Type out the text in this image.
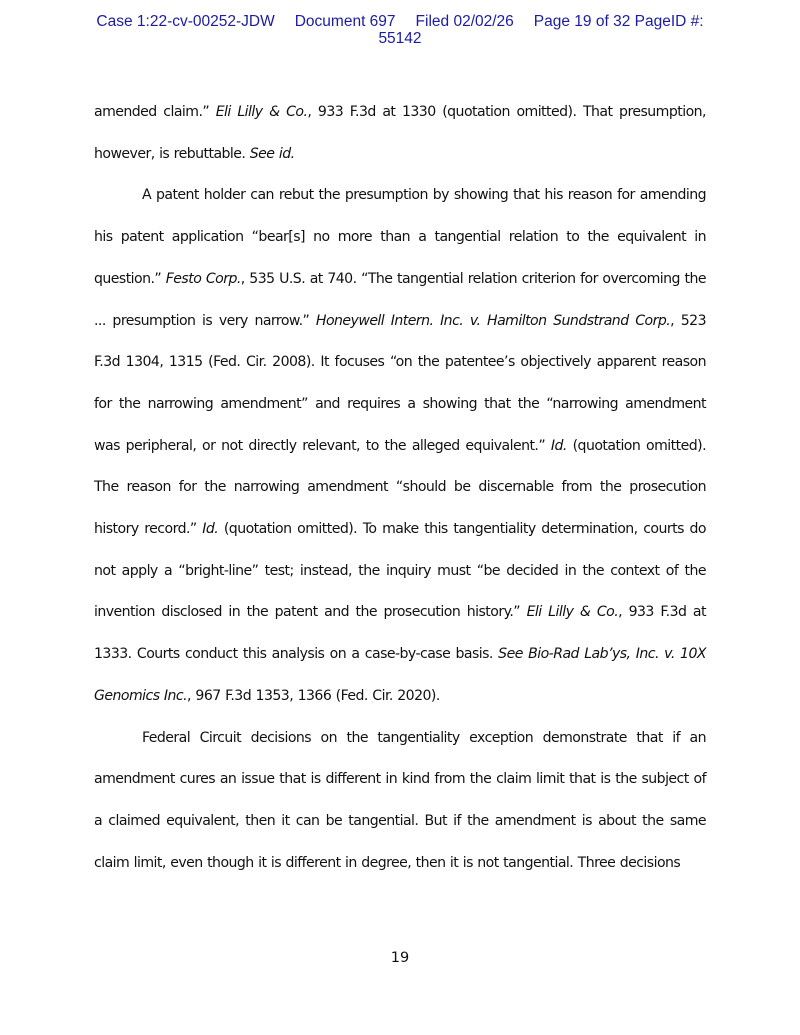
Case 1:22-cv-00252-JDW Document 697 Filed 02/02/26 Page 19 of 32 PageID #:
55142

amended claim.” Eli Lilly & Co., 933 F.3d at 1330 (quotation omitted). That presumption, however, is rebuttable. See id.

A patent holder can rebut the presumption by showing that his reason for amending his patent application “bear[s] no more than a tangential relation to the equivalent in question.” Festo Corp., 535 U.S. at 740. “The tangential relation criterion for overcoming the ... presumption is very narrow.” Honeywell Intern. Inc. v. Hamilton Sundstrand Corp., 523 F.3d 1304, 1315 (Fed. Cir. 2008). It focuses “on the patentee’s objectively apparent reason for the narrowing amendment” and requires a showing that the “narrowing amendment was peripheral, or not directly relevant, to the alleged equivalent.” Id. (quotation omitted). The reason for the narrowing amendment “should be discernable from the prosecution history record.” Id. (quotation omitted). To make this tangentiality determination, courts do not apply a “bright-line” test; instead, the inquiry must “be decided in the context of the invention disclosed in the patent and the prosecution history.” Eli Lilly & Co., 933 F.3d at 1333. Courts conduct this analysis on a case-by-case basis. See Bio-Rad Lab’ys, Inc. v. 10X Genomics Inc., 967 F.3d 1353, 1366 (Fed. Cir. 2020).

Federal Circuit decisions on the tangentiality exception demonstrate that if an amendment cures an issue that is different in kind from the claim limit that is the subject of a claimed equivalent, then it can be tangential. But if the amendment is about the same claim limit, even though it is different in degree, then it is not tangential. Three decisions

19
